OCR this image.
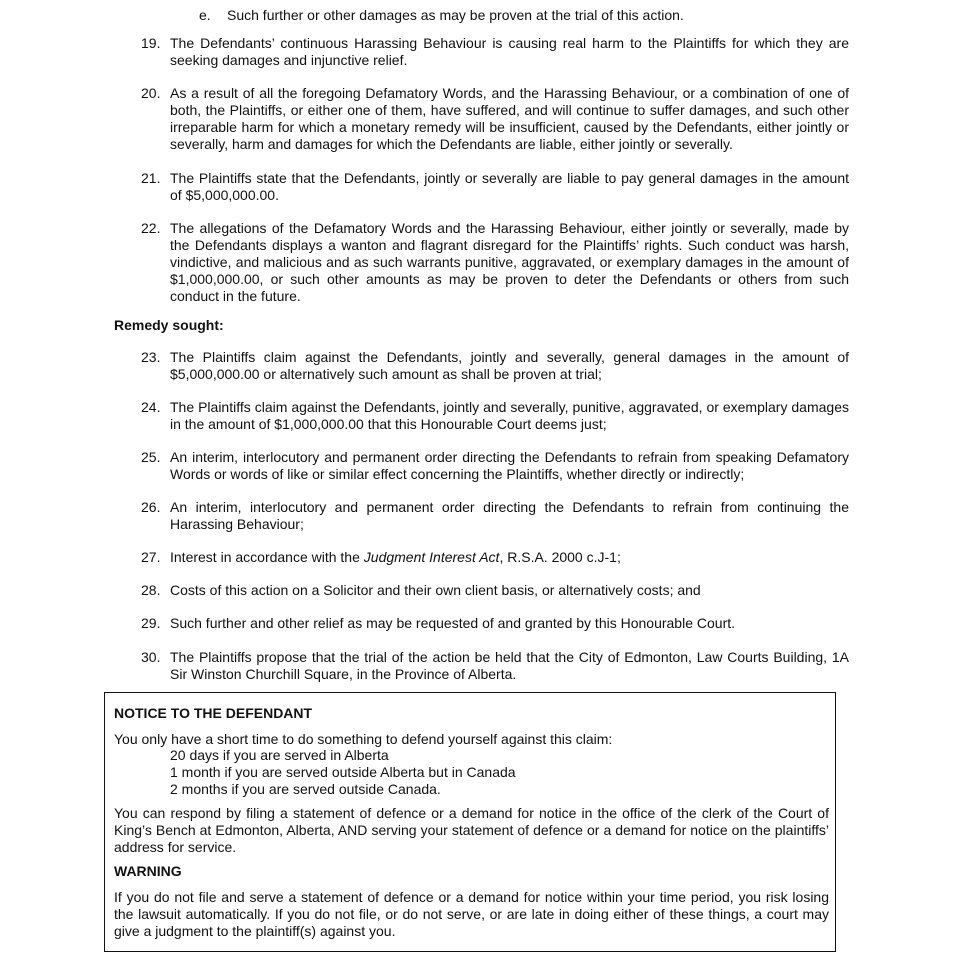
e.	Such further or other damages as may be proven at the trial of this action.
19. The Defendants’ continuous Harassing Behaviour is causing real harm to the Plaintiffs for which they are seeking damages and injunctive relief.
20. As a result of all the foregoing Defamatory Words, and the Harassing Behaviour, or a combination of one of both, the Plaintiffs, or either one of them, have suffered, and will continue to suffer damages, and such other irreparable harm for which a monetary remedy will be insufficient, caused by the Defendants, either jointly or severally, harm and damages for which the Defendants are liable, either jointly or severally.
21. The Plaintiffs state that the Defendants, jointly or severally are liable to pay general damages in the amount of $5,000,000.00.
22. The allegations of the Defamatory Words and the Harassing Behaviour, either jointly or severally, made by the Defendants displays a wanton and flagrant disregard for the Plaintiffs’ rights. Such conduct was harsh, vindictive, and malicious and as such warrants punitive, aggravated, or exemplary damages in the amount of $1,000,000.00, or such other amounts as may be proven to deter the Defendants or others from such conduct in the future.
Remedy sought:
23. The Plaintiffs claim against the Defendants, jointly and severally, general damages in the amount of $5,000,000.00 or alternatively such amount as shall be proven at trial;
24. The Plaintiffs claim against the Defendants, jointly and severally, punitive, aggravated, or exemplary damages in the amount of $1,000,000.00 that this Honourable Court deems just;
25. An interim, interlocutory and permanent order directing the Defendants to refrain from speaking Defamatory Words or words of like or similar effect concerning the Plaintiffs, whether directly or indirectly;
26. An interim, interlocutory and permanent order directing the Defendants to refrain from continuing the Harassing Behaviour;
27. Interest in accordance with the Judgment Interest Act, R.S.A. 2000 c.J-1;
28. Costs of this action on a Solicitor and their own client basis, or alternatively costs; and
29. Such further and other relief as may be requested of and granted by this Honourable Court.
30. The Plaintiffs propose that the trial of the action be held that the City of Edmonton, Law Courts Building, 1A Sir Winston Churchill Square, in the Province of Alberta.
NOTICE TO THE DEFENDANT
You only have a short time to do something to defend yourself against this claim:
20 days if you are served in Alberta
1 month if you are served outside Alberta but in Canada
2 months if you are served outside Canada.
You can respond by filing a statement of defence or a demand for notice in the office of the clerk of the Court of King’s Bench at Edmonton, Alberta, AND serving your statement of defence or a demand for notice on the plaintiffs’ address for service.
WARNING
If you do not file and serve a statement of defence or a demand for notice within your time period, you risk losing the lawsuit automatically. If you do not file, or do not serve, or are late in doing either of these things, a court may give a judgment to the plaintiff(s) against you.
